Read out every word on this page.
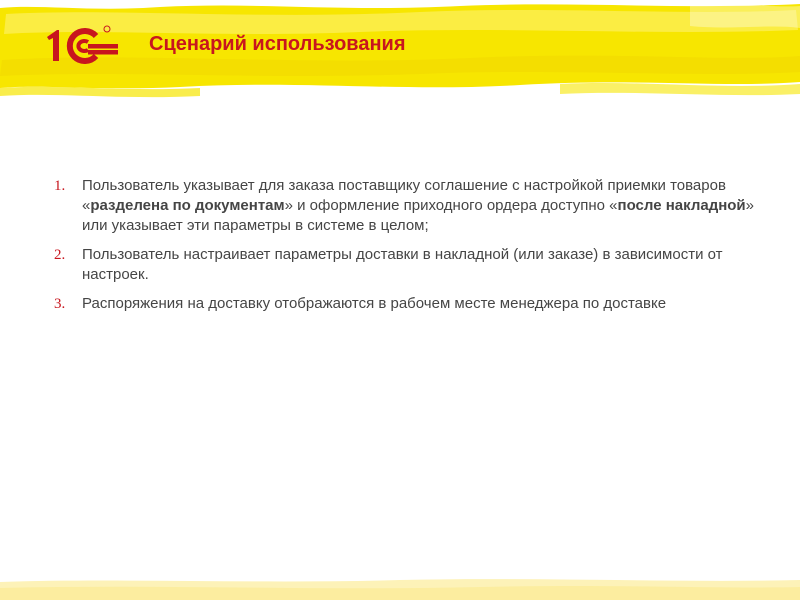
Сценарий использования
1. Пользователь указывает для заказа поставщику соглашение с настройкой приемки товаров «разделена по документам» и оформление приходного ордера доступно «после накладной» или указывает эти параметры в системе в целом;
2. Пользователь настраивает параметры доставки в накладной (или заказе) в зависимости от настроек.
3. Распоряжения на доставку отображаются в рабочем месте менеджера по доставке
